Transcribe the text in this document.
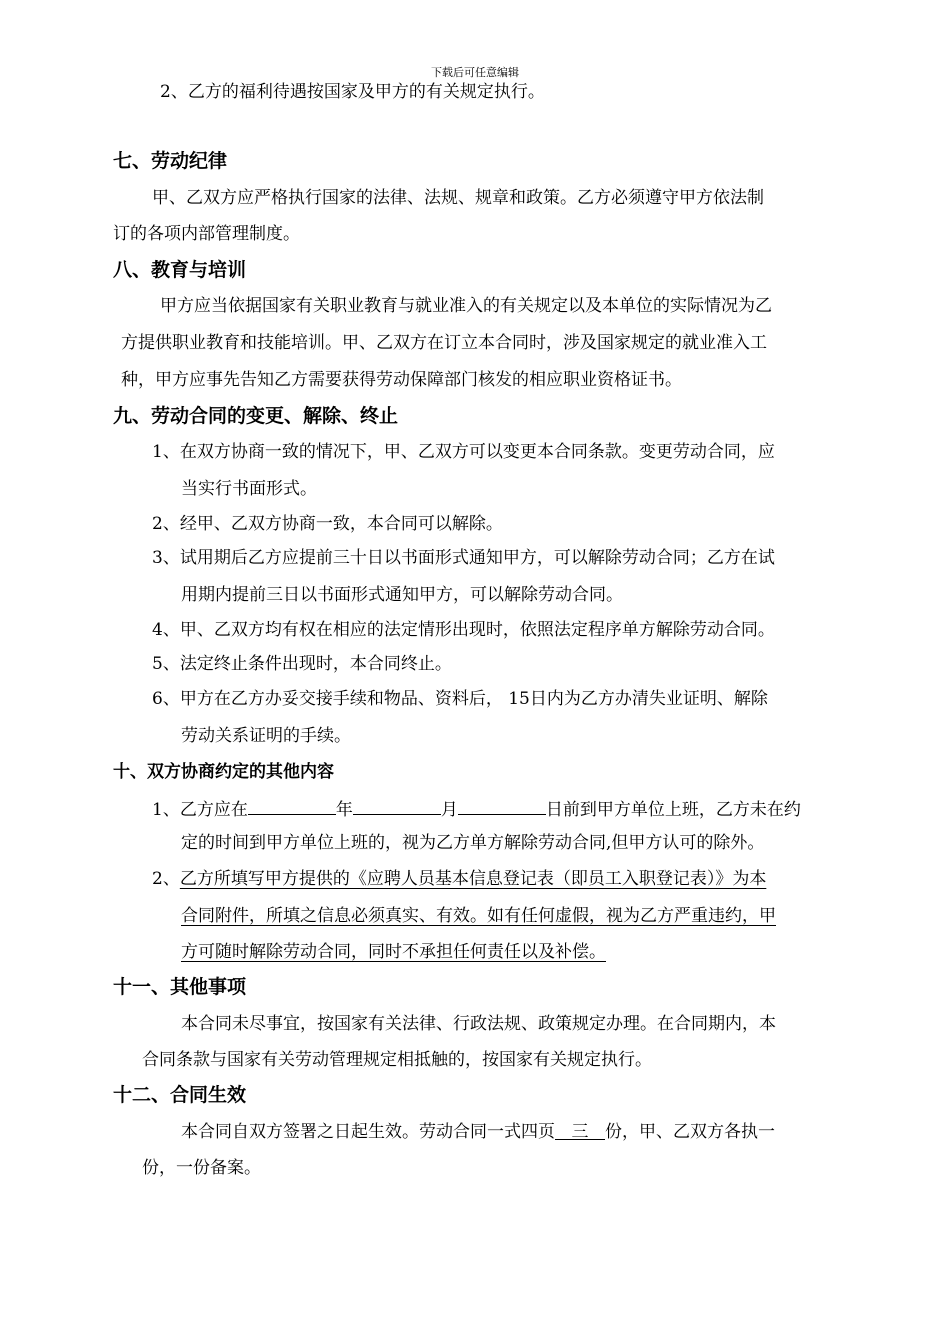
下载后可任意编辑
2、乙方的福利待遇按国家及甲方的有关规定执行。
七、劳动纪律
甲、乙双方应严格执行国家的法律、法规、规章和政策。乙方必须遵守甲方依法制
订的各项内部管理制度。
八、教育与培训
甲方应当依据国家有关职业教育与就业准入的有关规定以及本单位的实际情况为乙
方提供职业教育和技能培训。甲、乙双方在订立本合同时，涉及国家规定的就业准入工
种，甲方应事先告知乙方需要获得劳动保障部门核发的相应职业资格证书。
九、劳动合同的变更、解除、终止
1、在双方协商一致的情况下，甲、乙双方可以变更本合同条款。变更劳动合同，应
当实行书面形式。
2、经甲、乙双方协商一致，本合同可以解除。
3、试用期后乙方应提前三十日以书面形式通知甲方，可以解除劳动合同；乙方在试
用期内提前三日以书面形式通知甲方，可以解除劳动合同。
4、甲、乙双方均有权在相应的法定情形出现时，依照法定程序单方解除劳动合同。
5、法定终止条件出现时，本合同终止。
6、甲方在乙方办妥交接手续和物品、资料后， 15日内为乙方办清失业证明、解除
劳动关系证明的手续。
十、双方协商约定的其他内容
1、乙方应在	年	月	日前到甲方单位上班，乙方未在约
定的时间到甲方单位上班的，视为乙方单方解除劳动合同,但甲方认可的除外。
2、乙方所填写甲方提供的《应聘人员基本信息登记表（即员工入职登记表）》为本
合同附件，所填之信息必须真实、有效。如有任何虚假，视为乙方严重违约，甲
方可随时解除劳动合同，同时不承担任何责任以及补偿。
十一、其他事项
本合同未尽事宜，按国家有关法律、行政法规、政策规定办理。在合同期内，本
合同条款与国家有关劳动管理规定相抵触的，按国家有关规定执行。
十二、合同生效
本合同自双方签署之日起生效。劳动合同一式四页 三 份，甲、乙双方各执一
份，一份备案。
